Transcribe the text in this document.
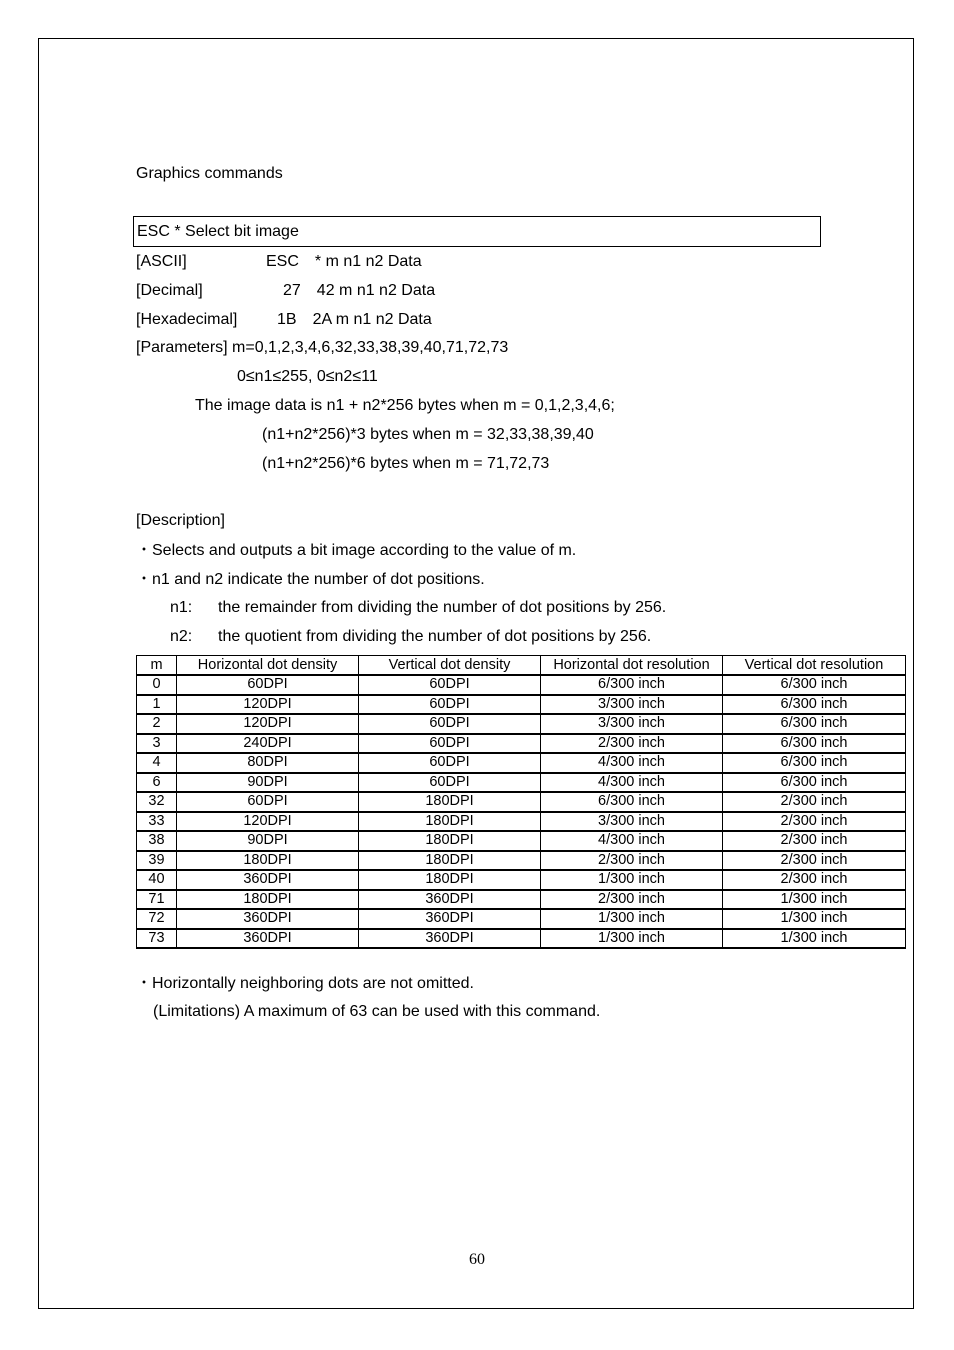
Graphics commands
ESC * Select bit image
[ASCII]	ESC　* m n1 n2 Data
[Decimal]	27　42 m n1 n2 Data
[Hexadecimal] 1B　2A m n1 n2 Data
[Parameters] m=0,1,2,3,4,6,32,33,38,39,40,71,72,73
0≤n1≤255, 0≤n2≤11
The image data is n1 + n2*256 bytes when m = 0,1,2,3,4,6;
(n1+n2*256)*3 bytes when m = 32,33,38,39,40
(n1+n2*256)*6 bytes when m = 71,72,73
[Description]
・Selects and outputs a bit image according to the value of m.
・n1 and n2 indicate the number of dot positions.
n1: the remainder from dividing the number of dot positions by 256.
n2: the quotient from dividing the number of dot positions by 256.
m	Horizontal dot density	Vertical dot density	Horizontal dot resolution	Vertical dot resolution
0	60DPI	60DPI	6/300 inch	6/300 inch
1	120DPI	60DPI	3/300 inch	6/300 inch
2	120DPI	60DPI	3/300 inch	6/300 inch
3	240DPI	60DPI	2/300 inch	6/300 inch
4	80DPI	60DPI	4/300 inch	6/300 inch
6	90DPI	60DPI	4/300 inch	6/300 inch
32	60DPI	180DPI	6/300 inch	2/300 inch
33	120DPI	180DPI	3/300 inch	2/300 inch
38	90DPI	180DPI	4/300 inch	2/300 inch
39	180DPI	180DPI	2/300 inch	2/300 inch
40	360DPI	180DPI	1/300 inch	2/300 inch
71	180DPI	360DPI	2/300 inch	1/300 inch
72	360DPI	360DPI	1/300 inch	1/300 inch
73	360DPI	360DPI	1/300 inch	1/300 inch
・Horizontally neighboring dots are not omitted.
(Limitations) A maximum of 63 can be used with this command.
60
